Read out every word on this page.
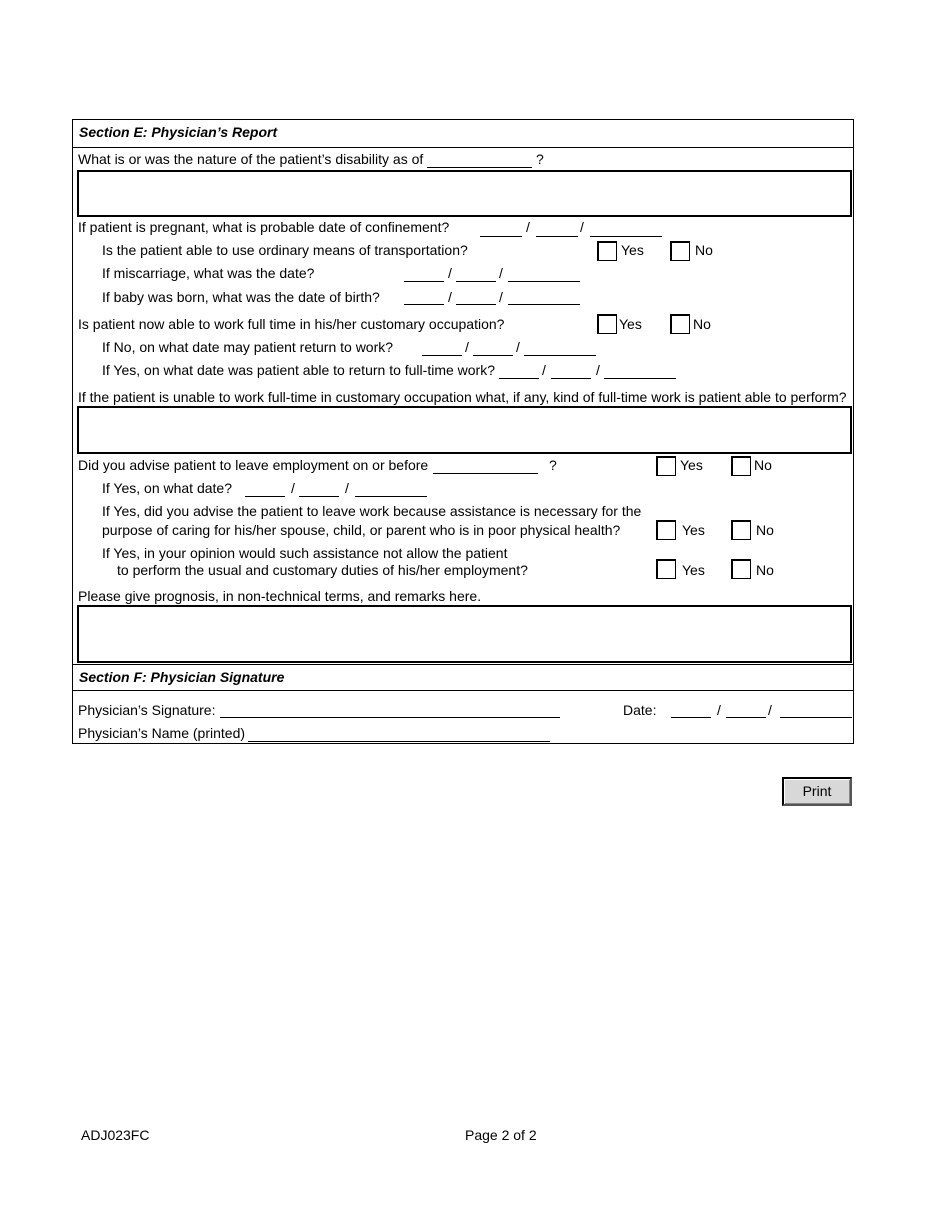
Section E: Physician’s Report
What is or was the nature of the patient’s disability as of	?
If patient is pregnant, what is probable date of confinement?	/	/
Is the patient able to use ordinary means of transportation?	Yes	No
If miscarriage, what was the date?	/	/
If baby was born, what was the date of birth?	/	/
Is patient now able to work full time in his/her customary occupation?	Yes	No
If No, on what date may patient return to work?	/	/
If Yes, on what date was patient able to return to full-time work?	/	/
If the patient is unable to work full-time in customary occupation what, if any, kind of full-time work is patient able to perform?
Did you advise patient to leave employment on or before	?	Yes	No
If Yes, on what date?	/	/
If Yes, did you advise the patient to leave work because assistance is necessary for the
purpose of caring for his/her spouse, child, or parent who is in poor physical health?	Yes	No
If Yes, in your opinion would such assistance not allow the patient
to perform the usual and customary duties of his/her employment?	Yes	No
Please give prognosis, in non-technical terms, and remarks here.
Section F: Physician Signature
Physician’s Signature:	Date:	/	/
Physician’s Name (printed)
Print
ADJ023FC	Page 2 of 2
